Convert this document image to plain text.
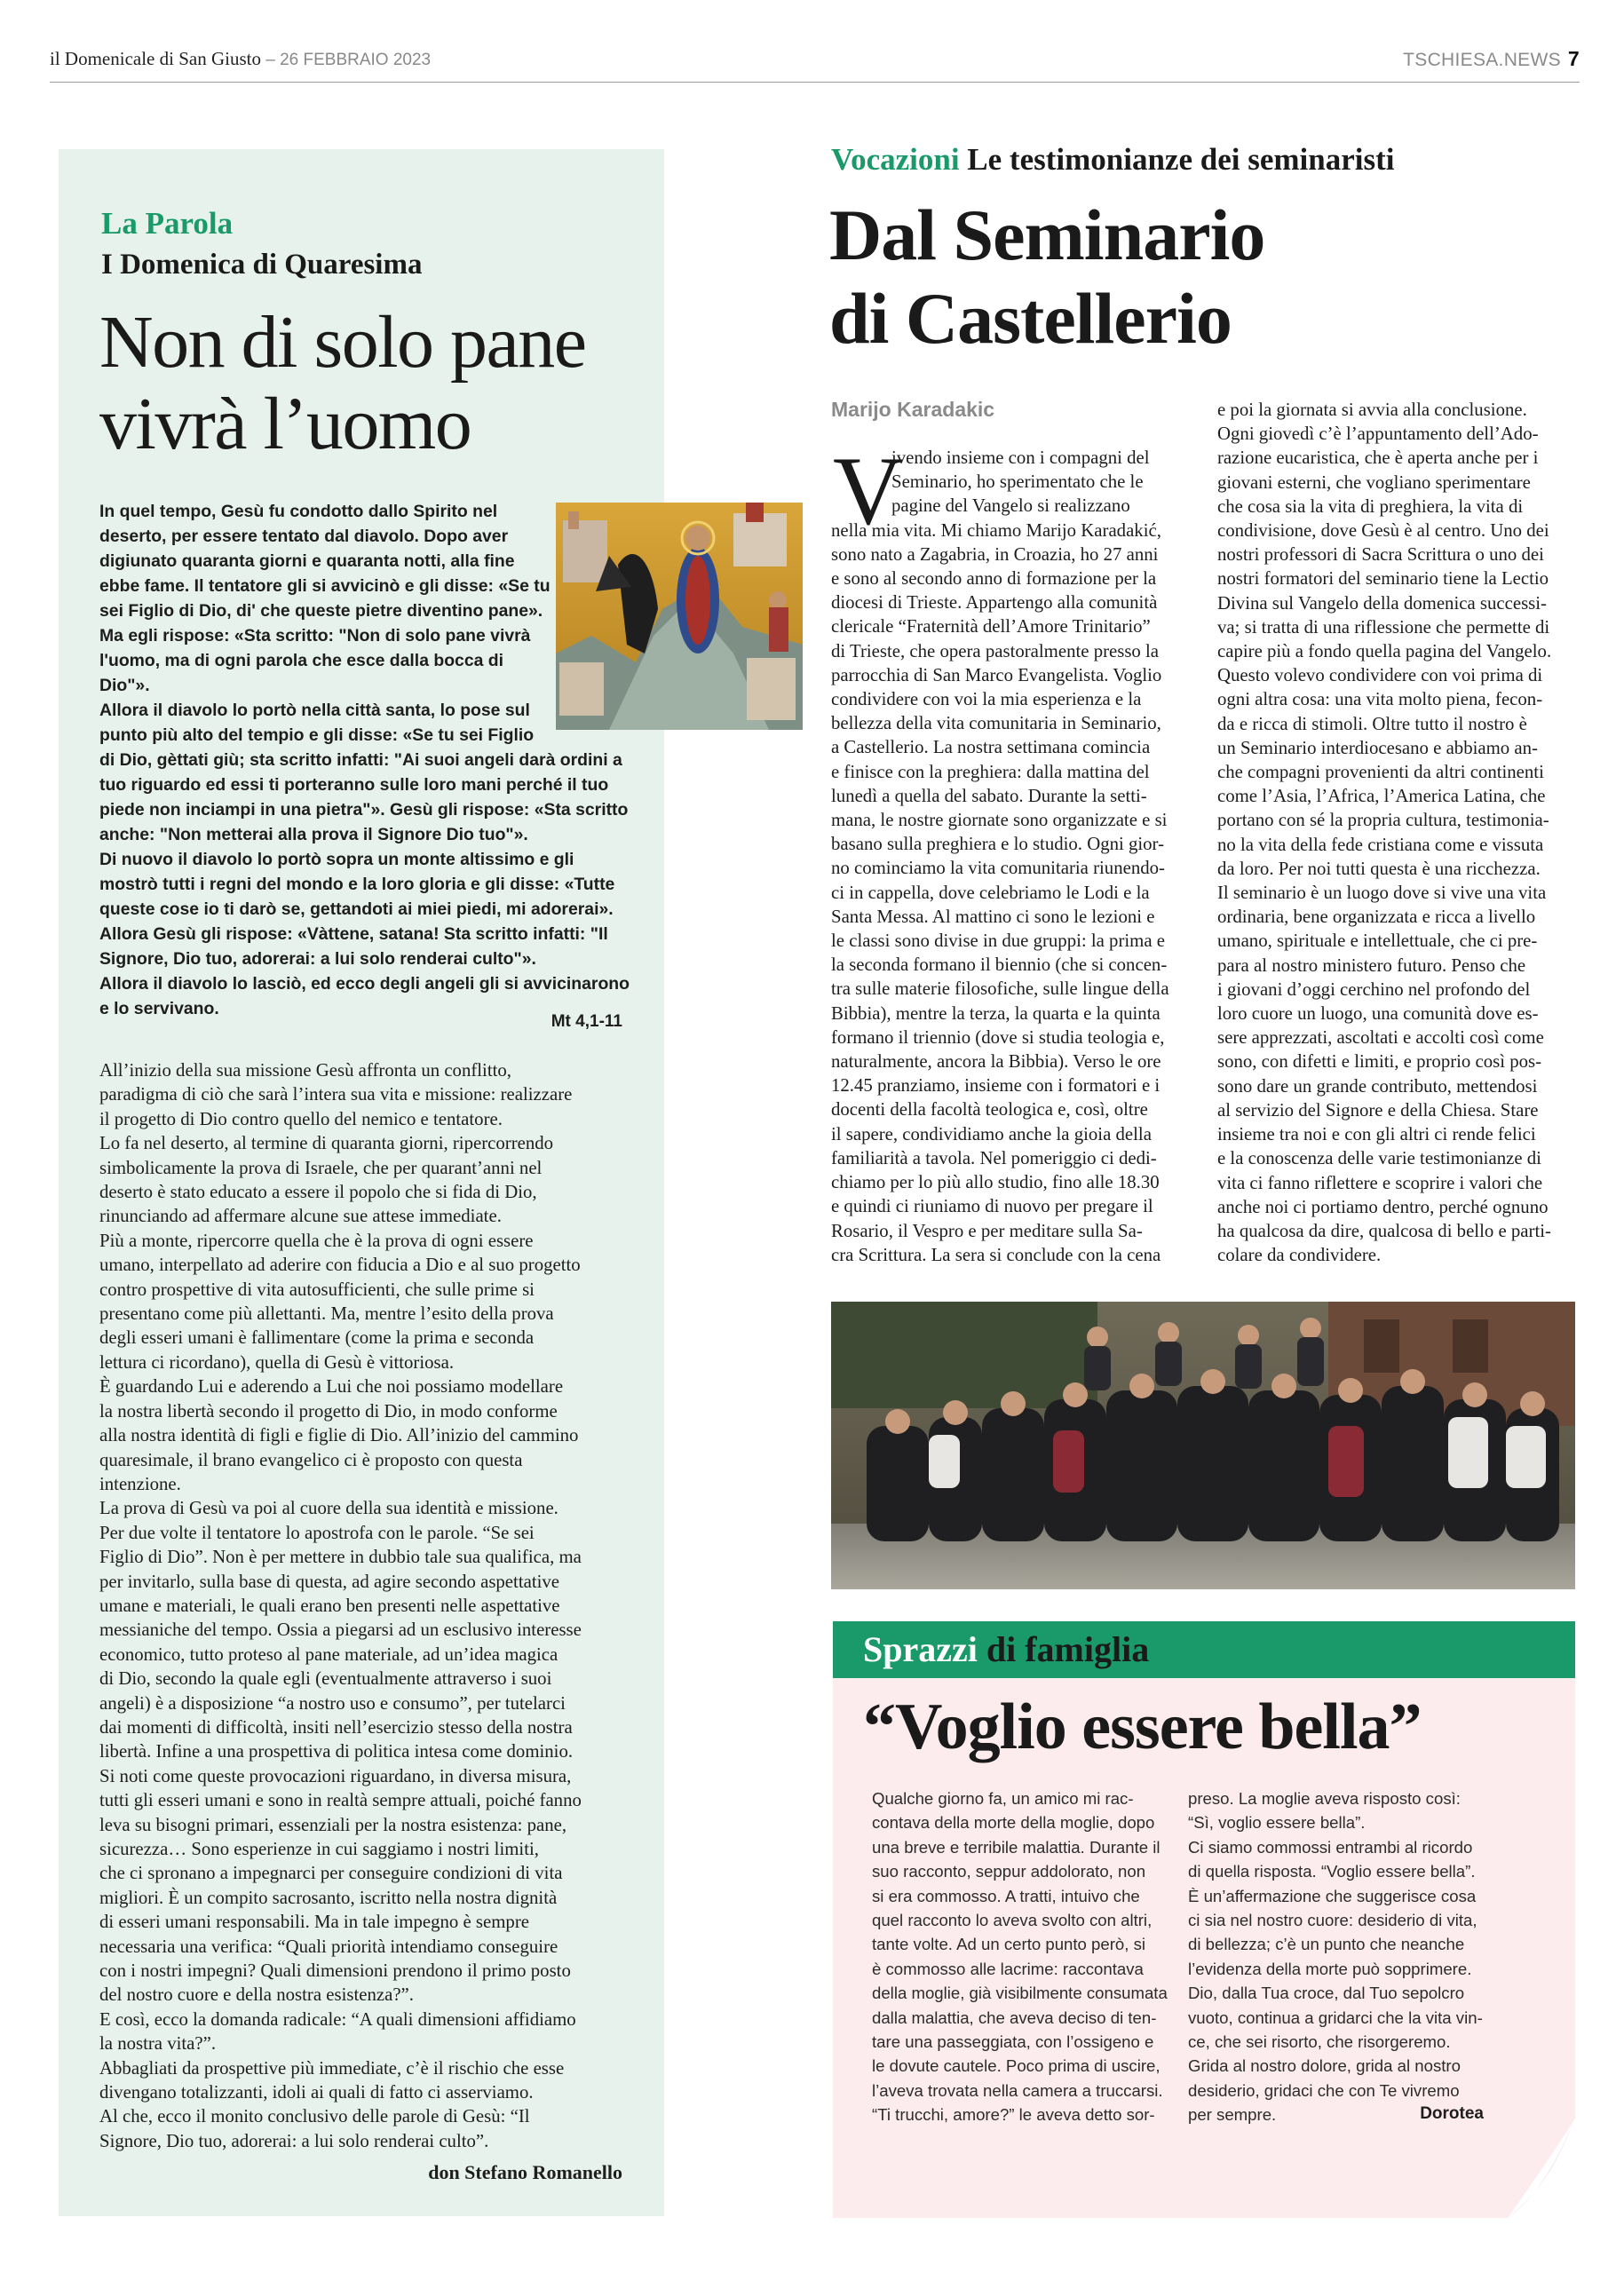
il Domenicale di San Giusto – 26 FEBBRAIO 2023	TSCHIESA.NEWS 7
La Parola
I Domenica di Quaresima
Non di solo pane
vivrà l’uomo

In quel tempo, Gesù fu condotto dallo Spirito nel

deserto, per essere tentato dal diavolo. Dopo aver

digiunato quaranta giorni e quaranta notti, alla fine

ebbe fame. Il tentatore gli si avvicinò e gli disse: «Se tu

sei Figlio di Dio, di' che queste pietre diventino pane».

Ma egli rispose: «Sta scritto: "Non di solo pane vivrà

l'uomo, ma di ogni parola che esce dalla bocca di

Dio"».

Allora il diavolo lo portò nella città santa, lo pose sul

punto più alto del tempio e gli disse: «Se tu sei Figlio

di Dio, gèttati giù; sta scritto infatti: "Ai suoi angeli darà ordini a

tuo riguardo ed essi ti porteranno sulle loro mani perché il tuo

piede non inciampi in una pietra"». Gesù gli rispose: «Sta scritto

anche: "Non metterai alla prova il Signore Dio tuo"».

Di nuovo il diavolo lo portò sopra un monte altissimo e gli

mostrò tutti i regni del mondo e la loro gloria e gli disse: «Tutte

queste cose io ti darò se, gettandoti ai miei piedi, mi adorerai».

Allora Gesù gli rispose: «Vàttene, satana! Sta scritto infatti: "Il

Signore, Dio tuo, adorerai: a lui solo renderai culto"».

Allora il diavolo lo lasciò, ed ecco degli angeli gli si avvicinarono

e lo servivano.

Mt 4,1-11

All’inizio della sua missione Gesù affronta un conflitto,

paradigma di ciò che sarà l’intera sua vita e missione: realizzare

il progetto di Dio contro quello del nemico e tentatore.

Lo fa nel deserto, al termine di quaranta giorni, ripercorrendo

simbolicamente la prova di Israele, che per quarant’anni nel

deserto è stato educato a essere il popolo che si fida di Dio,

rinunciando ad affermare alcune sue attese immediate.

Più a monte, ripercorre quella che è la prova di ogni essere

umano, interpellato ad aderire con fiducia a Dio e al suo progetto

contro prospettive di vita autosufficienti, che sulle prime si

presentano come più allettanti. Ma, mentre l’esito della prova

degli esseri umani è fallimentare (come la prima e seconda

lettura ci ricordano), quella di Gesù è vittoriosa.

È guardando Lui e aderendo a Lui che noi possiamo modellare

la nostra libertà secondo il progetto di Dio, in modo conforme

alla nostra identità di figli e figlie di Dio. All’inizio del cammino

quaresimale, il brano evangelico ci è proposto con questa

intenzione.

La prova di Gesù va poi al cuore della sua identità e missione.

Per due volte il tentatore lo apostrofa con le parole. “Se sei

Figlio di Dio”. Non è per mettere in dubbio tale sua qualifica, ma

per invitarlo, sulla base di questa, ad agire secondo aspettative

umane e materiali, le quali erano ben presenti nelle aspettative

messianiche del tempo. Ossia a piegarsi ad un esclusivo interesse

economico, tutto proteso al pane materiale, ad un’idea magica

di Dio, secondo la quale egli (eventualmente attraverso i suoi

angeli) è a disposizione “a nostro uso e consumo”, per tutelarci

dai momenti di difficoltà, insiti nell’esercizio stesso della nostra

libertà. Infine a una prospettiva di politica intesa come dominio.

Si noti come queste provocazioni riguardano, in diversa misura,

tutti gli esseri umani e sono in realtà sempre attuali, poiché fanno

leva su bisogni primari, essenziali per la nostra esistenza: pane,

sicurezza… Sono esperienze in cui saggiamo i nostri limiti,

che ci spronano a impegnarci per conseguire condizioni di vita

migliori. È un compito sacrosanto, iscritto nella nostra dignità

di esseri umani responsabili. Ma in tale impegno è sempre

necessaria una verifica: “Quali priorità intendiamo conseguire

con i nostri impegni? Quali dimensioni prendono il primo posto

del nostro cuore e della nostra esistenza?”.

E così, ecco la domanda radicale: “A quali dimensioni affidiamo

la nostra vita?”.

Abbagliati da prospettive più immediate, c’è il rischio che esse

divengano totalizzanti, idoli ai quali di fatto ci asserviamo.

Al che, ecco il monito conclusivo delle parole di Gesù: “Il

Signore, Dio tuo, adorerai: a lui solo renderai culto”.

don Stefano Romanello
Vocazioni Le testimonianze dei seminaristi
Dal Seminario
di Castellerio
Marijo Karadakic
V

ivendo insieme con i compagni del

Seminario, ho sperimentato che le

pagine del Vangelo si realizzano

nella mia vita. Mi chiamo Marijo Karadakić,

sono nato a Zagabria, in Croazia, ho 27 anni

e sono al secondo anno di formazione per la

diocesi di Trieste. Appartengo alla comunità

clericale “Fraternità dell’Amore Trinitario”

di Trieste, che opera pastoralmente presso la

parrocchia di San Marco Evangelista. Voglio

condividere con voi la mia esperienza e la

bellezza della vita comunitaria in Seminario,

a Castellerio. La nostra settimana comincia

e finisce con la preghiera: dalla mattina del

lunedì a quella del sabato. Durante la setti-

mana, le nostre giornate sono organizzate e si

basano sulla preghiera e lo studio. Ogni gior-

no cominciamo la vita comunitaria riunendo-

ci in cappella, dove celebriamo le Lodi e la

Santa Messa. Al mattino ci sono le lezioni e

le classi sono divise in due gruppi: la prima e

la seconda formano il biennio (che si concen-

tra sulle materie filosofiche, sulle lingue della

Bibbia), mentre la terza, la quarta e la quinta

formano il triennio (dove si studia teologia e,

naturalmente, ancora la Bibbia). Verso le ore

12.45 pranziamo, insieme con i formatori e i

docenti della facoltà teologica e, così, oltre

il sapere, condividiamo anche la gioia della

familiarità a tavola. Nel pomeriggio ci dedi-

chiamo per lo più allo studio, fino alle 18.30

e quindi ci riuniamo di nuovo per pregare il

Rosario, il Vespro e per meditare sulla Sa-

cra Scrittura. La sera si conclude con la cena

e poi la giornata si avvia alla conclusione.

Ogni giovedì c’è l’appuntamento dell’Ado-

razione eucaristica, che è aperta anche per i

giovani esterni, che vogliano sperimentare

che cosa sia la vita di preghiera, la vita di

condivisione, dove Gesù è al centro. Uno dei

nostri professori di Sacra Scrittura o uno dei

nostri formatori del seminario tiene la Lectio

Divina sul Vangelo della domenica successi-

va; si tratta di una riflessione che permette di

capire più a fondo quella pagina del Vangelo.

Questo volevo condividere con voi prima di

ogni altra cosa: una vita molto piena, fecon-

da e ricca di stimoli. Oltre tutto il nostro è

un Seminario interdiocesano e abbiamo an-

che compagni provenienti da altri continenti

come l’Asia, l’Africa, l’America Latina, che

portano con sé la propria cultura, testimonia-

no la vita della fede cristiana come e vissuta

da loro. Per noi tutti questa è una ricchezza.

Il seminario è un luogo dove si vive una vita

ordinaria, bene organizzata e ricca a livello

umano, spirituale e intellettuale, che ci pre-

para al nostro ministero futuro. Penso che

i giovani d’oggi cerchino nel profondo del

loro cuore un luogo, una comunità dove es-

sere apprezzati, ascoltati e accolti così come

sono, con difetti e limiti, e proprio così pos-

sono dare un grande contributo, mettendosi

al servizio del Signore e della Chiesa. Stare

insieme tra noi e con gli altri ci rende felici

e la conoscenza delle varie testimonianze di

vita ci fanno riflettere e scoprire i valori che

anche noi ci portiamo dentro, perché ognuno

ha qualcosa da dire, qualcosa di bello e parti-

colare da condividere.

Sprazzi di famiglia
“Voglio essere bella”

Qualche giorno fa, un amico mi rac-

contava della morte della moglie, dopo

una breve e terribile malattia. Durante il

suo racconto, seppur addolorato, non

si era commosso. A tratti, intuivo che

quel racconto lo aveva svolto con altri,

tante volte. Ad un certo punto però, si

è commosso alle lacrime: raccontava

della moglie, già visibilmente consumata

dalla malattia, che aveva deciso di ten-

tare una passeggiata, con l’ossigeno e

le dovute cautele. Poco prima di uscire,

l’aveva trovata nella camera a truccarsi.

“Ti trucchi, amore?” le aveva detto sor-

preso. La moglie aveva risposto così:

“Sì, voglio essere bella”.

Ci siamo commossi entrambi al ricordo

di quella risposta. “Voglio essere bella”.

È un’affermazione che suggerisce cosa

ci sia nel nostro cuore: desiderio di vita,

di bellezza; c’è un punto che neanche

l’evidenza della morte può sopprimere.

Dio, dalla Tua croce, dal Tuo sepolcro

vuoto, continua a gridarci che la vita vin-

ce, che sei risorto, che risorgeremo.

Grida al nostro dolore, grida al nostro

desiderio, gridaci che con Te vivremo

per sempre.	Dorotea
